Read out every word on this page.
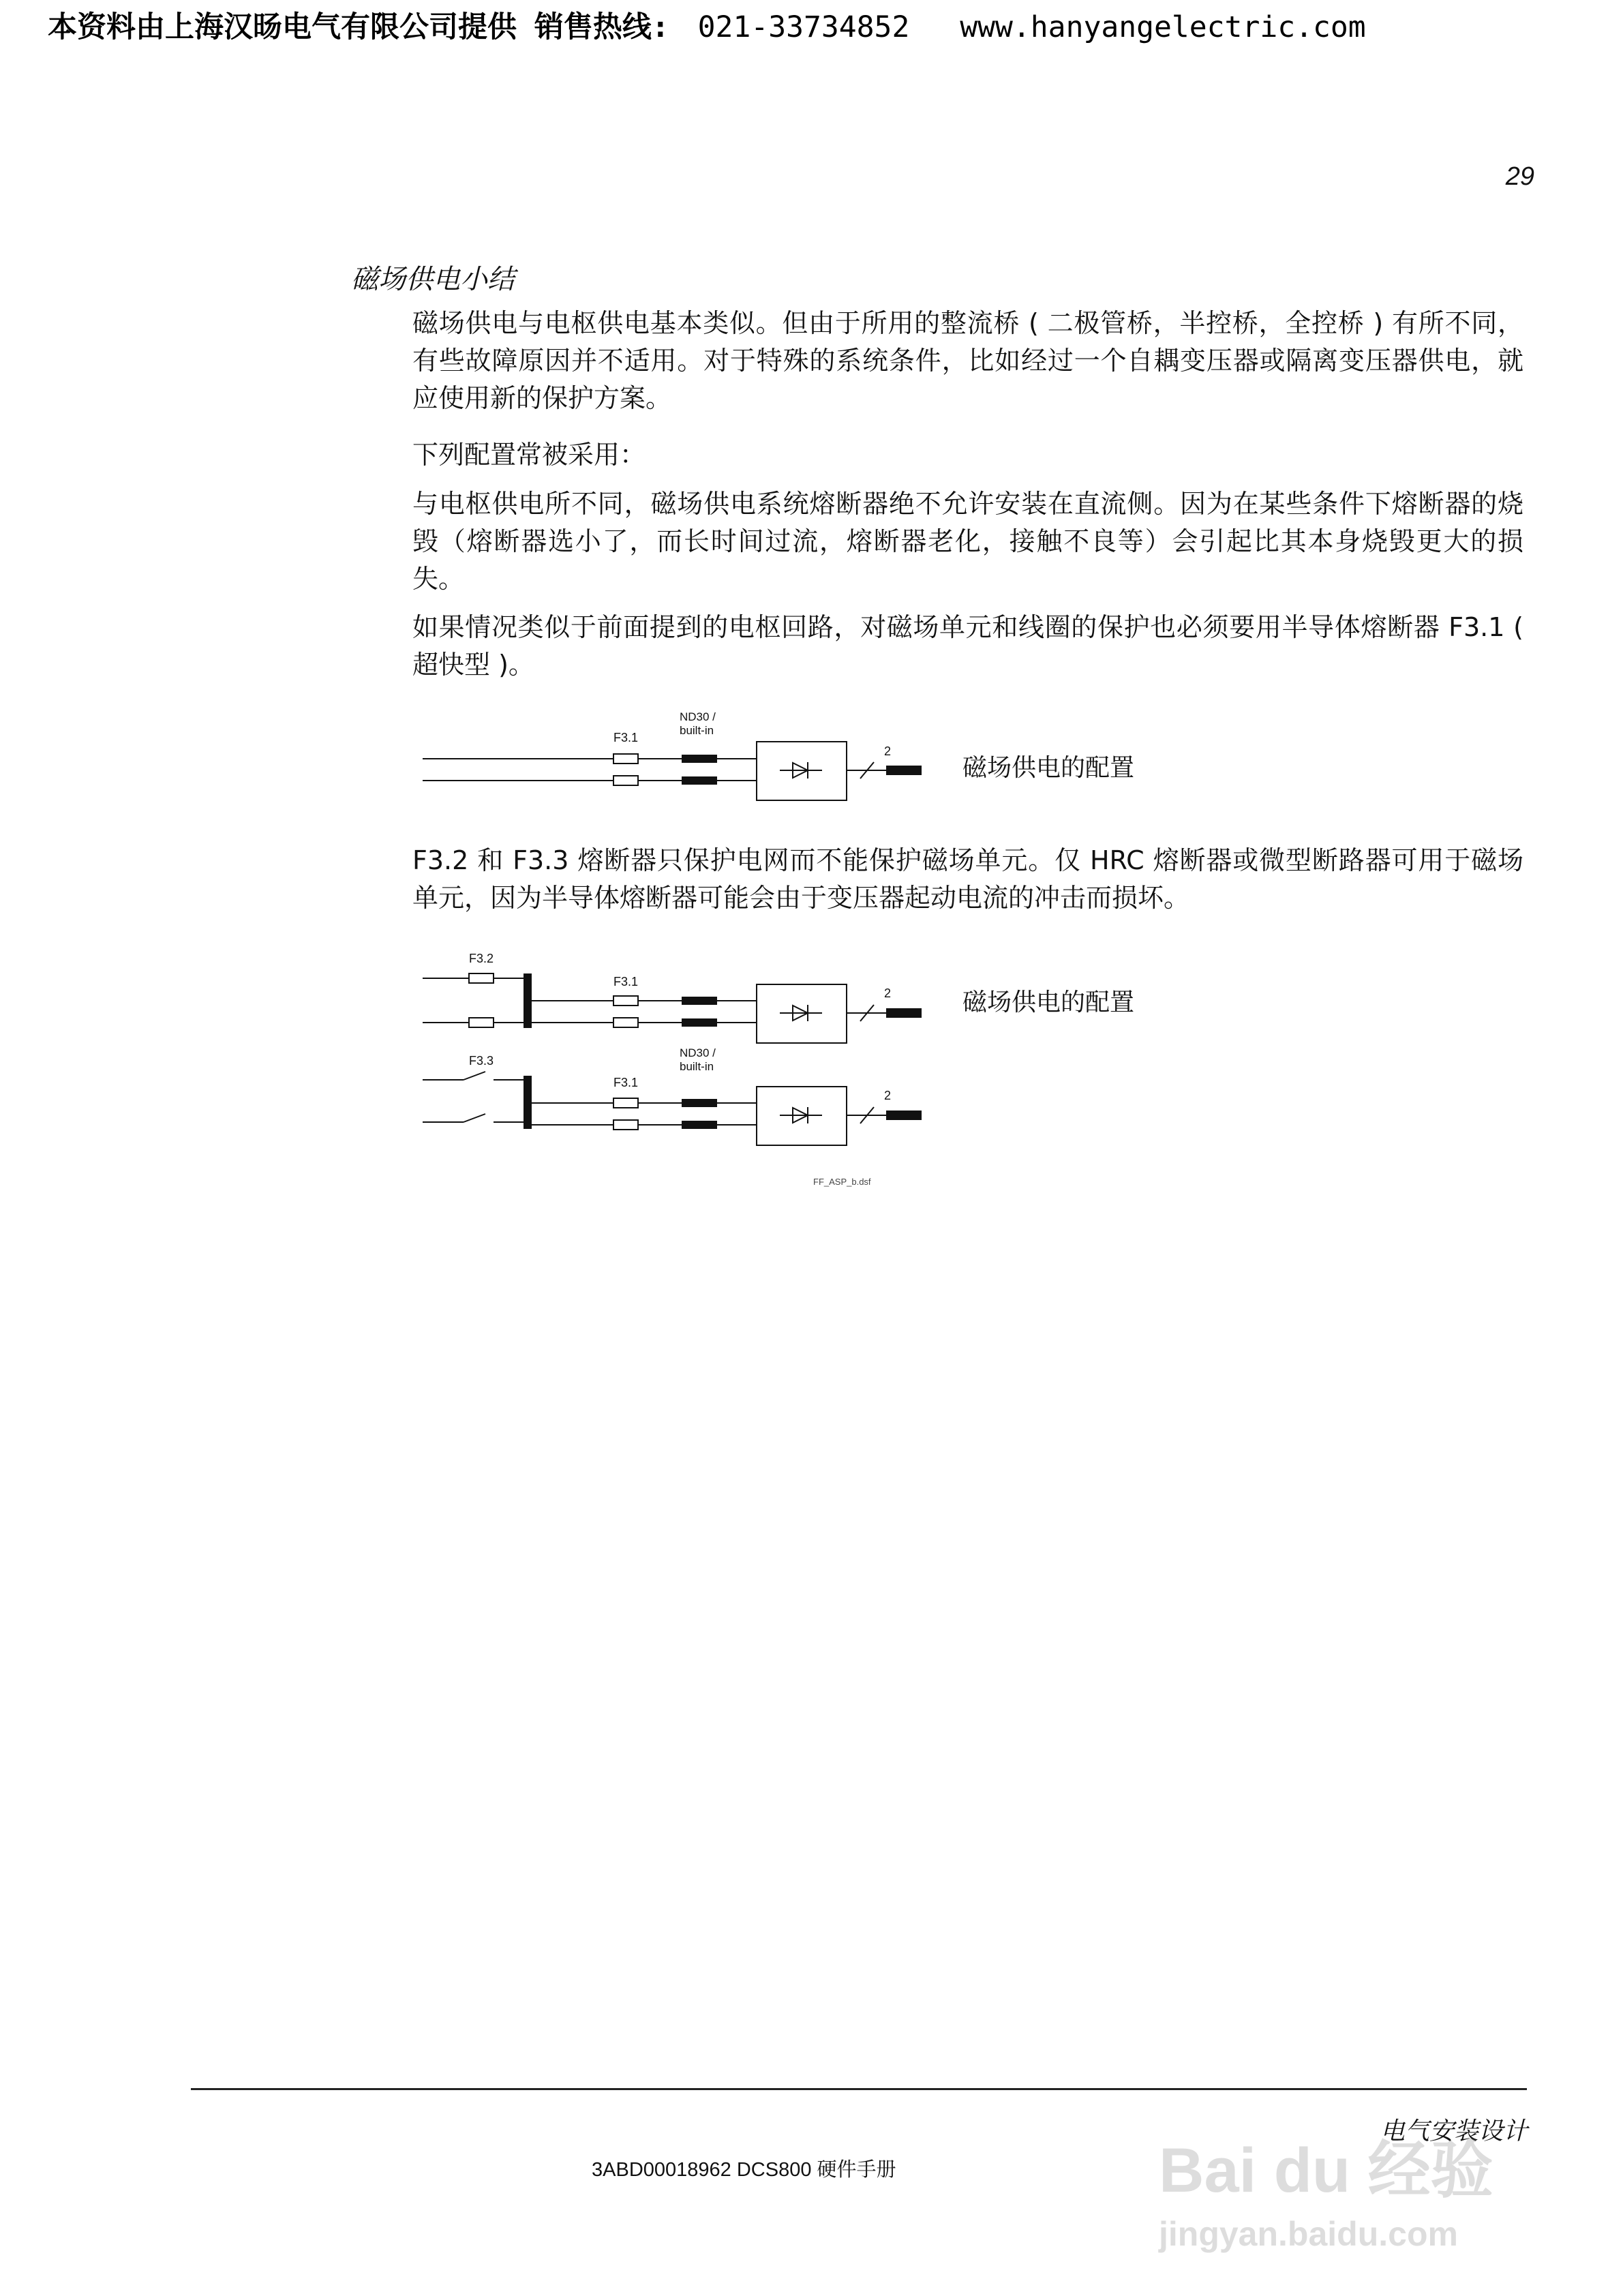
本资料由上海汉旸电气有限公司提供 销售热线: 021-33734852 www.hanyangelectric.com
29
磁场供电小结

磁场供电与电枢供电基本类似。但由于所用的整流桥 ( 二极管桥，半控桥，全控桥 ) 有所不同，有些故障原因并不适用。对于特殊的系统条件，比如经过一个自耦变压器或隔离变压器供电，就应使用新的保护方案。

下列配置常被采用：

与电枢供电所不同，磁场供电系统熔断器绝不允许安装在直流侧。因为在某些条件下熔断器的烧毁（熔断器选小了，而长时间过流，熔断器老化，接触不良等）会引起比其本身烧毁更大的损失。

如果情况类似于前面提到的电枢回路，对磁场单元和线圈的保护也必须要用半导体熔断器 F3.1 ( 超快型 )。

F3.1
ND30 /
built-in
2
磁场供电的配置

F3.2 和 F3.3 熔断器只保护电网而不能保护磁场单元。仅 HRC 熔断器或微型断路器可用于磁场单元，因为半导体熔断器可能会由于变压器起动电流的冲击而损坏。

F3.2
F3.1
2
ND30 /
built-in
F3.3
F3.1
2
FF_ASP_b.dsf
磁场供电的配置
电气安装设计
3ABD00018962 DCS800 硬件手册	Bai du 经验
jingyan.baidu.com
